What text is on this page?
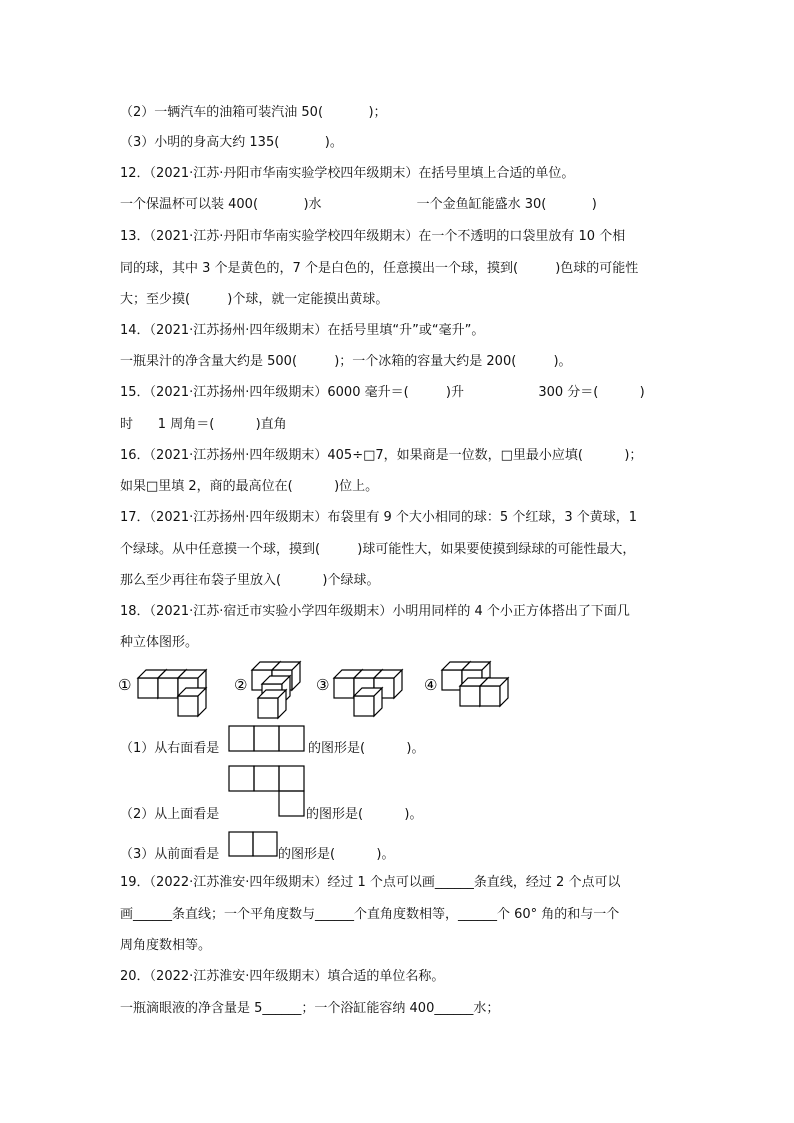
（2）一辆汽车的油箱可装汽油 50(           )；
（3）小明的身高大约 135(           )。
12．（2021·江苏·丹阳市华南实验学校四年级期末）在括号里填上合适的单位。
一个保温杯可以装 400(           )水                       一个金鱼缸能盛水 30(           )
13．（2021·江苏·丹阳市华南实验学校四年级期末）在一个不透明的口袋里放有 10 个相
同的球，其中 3 个是黄色的，7 个是白色的，任意摸出一个球，摸到(         )色球的可能性
大；至少摸(         )个球，就一定能摸出黄球。
14．（2021·江苏扬州·四年级期末）在括号里填“升”或“毫升”。
一瓶果汁的净含量大约是 500(         )；一个冰箱的容量大约是 200(         )。
15．（2021·江苏扬州·四年级期末）6000 毫升＝(         )升                  300 分＝(          )
时      1 周角＝(          )直角
16．（2021·江苏扬州·四年级期末）405÷□7，如果商是一位数，□里最小应填(          )；
如果□里填 2，商的最高位在(          )位上。
17．（2021·江苏扬州·四年级期末）布袋里有 9 个大小相同的球：5 个红球，3 个黄球，1
个绿球。从中任意摸一个球，摸到(         )球可能性大，如果要使摸到绿球的可能性最大，
那么至少再往布袋子里放入(          )个绿球。
18．（2021·江苏·宿迁市实验小学四年级期末）小明用同样的 4 个小正方体搭出了下面几
种立体图形。
①	②	③	④
（1）从右面看是	的图形是(          )。
（2）从上面看是	的图形是(          )。
（3）从前面看是	的图形是(          )。
19．（2022·江苏淮安·四年级期末）经过 1 个点可以画______条直线，经过 2 个点可以
画______条直线；一个平角度数与______个直角度数相等，______个 60° 角的和与一个
周角度数相等。
20．（2022·江苏淮安·四年级期末）填合适的单位名称。
一瓶滴眼液的净含量是 5______；一个浴缸能容纳 400______水；
